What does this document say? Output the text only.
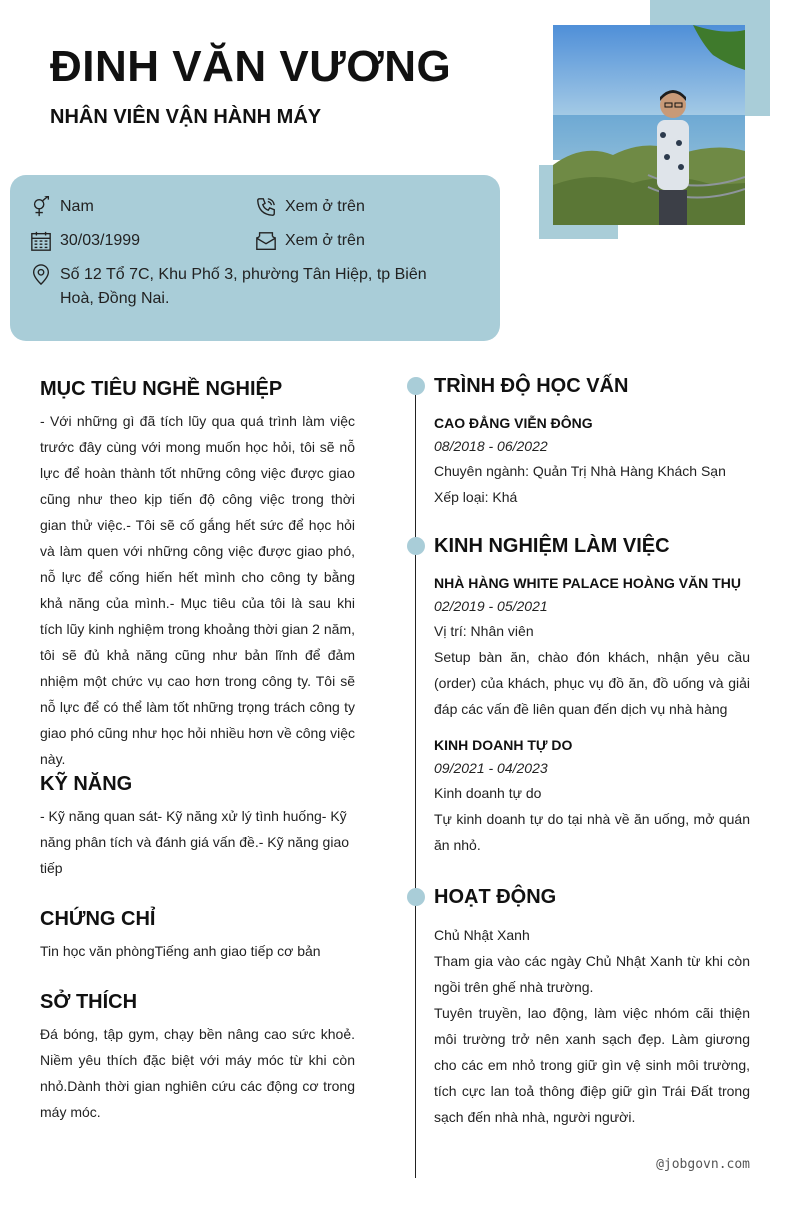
ĐINH VĂN VƯƠNG
NHÂN VIÊN VẬN HÀNH MÁY
Nam	Xem ở trên
30/03/1999	Xem ở trên
Số 12 Tổ 7C, Khu Phố 3, phường Tân Hiệp, tp Biên Hoà, Đồng Nai.
MỤC TIÊU NGHỀ NGHIỆP
- Với những gì đã tích lũy qua quá trình làm việc trước đây cùng với mong muốn học hỏi, tôi sẽ nỗ lực để hoàn thành tốt những công việc được giao cũng như theo kịp tiến độ công việc trong thời gian thử việc.- Tôi sẽ cố gắng hết sức để học hỏi và làm quen với những công việc được giao phó, nỗ lực để cống hiến hết mình cho công ty bằng khả năng của mình.- Mục tiêu của tôi là sau khi tích lũy kinh nghiệm trong khoảng thời gian 2 năm, tôi sẽ đủ khả năng cũng như bản lĩnh để đảm nhiệm một chức vụ cao hơn trong công ty. Tôi sẽ nỗ lực để có thể làm tốt những trọng trách công ty giao phó cũng như học hỏi nhiều hơn về công việc này.
KỸ NĂNG
- Kỹ năng quan sát- Kỹ năng xử lý tình huống- Kỹ năng phân tích và đánh giá vấn đề.- Kỹ năng giao tiếp
CHỨNG CHỈ
Tin học văn phòngTiếng anh giao tiếp cơ bản
SỞ THÍCH
Đá bóng, tập gym, chạy bền nâng cao sức khoẻ. Niềm yêu thích đặc biệt với máy móc từ khi còn nhỏ.Dành thời gian nghiên cứu các động cơ trong máy móc.
TRÌNH ĐỘ HỌC VẤN
CAO ĐẲNG VIỄN ĐÔNG
08/2018 - 06/2022
Chuyên ngành: Quản Trị Nhà Hàng Khách Sạn
Xếp loại: Khá
KINH NGHIỆM LÀM VIỆC
NHÀ HÀNG WHITE PALACE HOÀNG VĂN THỤ
02/2019 - 05/2021
Vị trí: Nhân viên
Setup bàn ăn, chào đón khách, nhận yêu cầu (order) của khách, phục vụ đồ ăn, đồ uống và giải đáp các vấn đề liên quan đến dịch vụ nhà hàng
KINH DOANH TỰ DO
09/2021 - 04/2023
Kinh doanh tự do
Tự kinh doanh tự do tại nhà về ăn uống, mở quán ăn nhỏ.
HOẠT ĐỘNG
Chủ Nhật Xanh
Tham gia vào các ngày Chủ Nhật Xanh từ khi còn ngồi trên ghế nhà trường.
Tuyên truyền, lao động, làm việc nhóm cãi thiện môi trường trở nên xanh sạch đẹp. Làm giương cho các em nhỏ trong giữ gìn vệ sinh môi trường, tích cực lan toả thông điệp giữ gìn Trái Đất trong sạch đến nhà nhà, người người.
@jobgovn.com
